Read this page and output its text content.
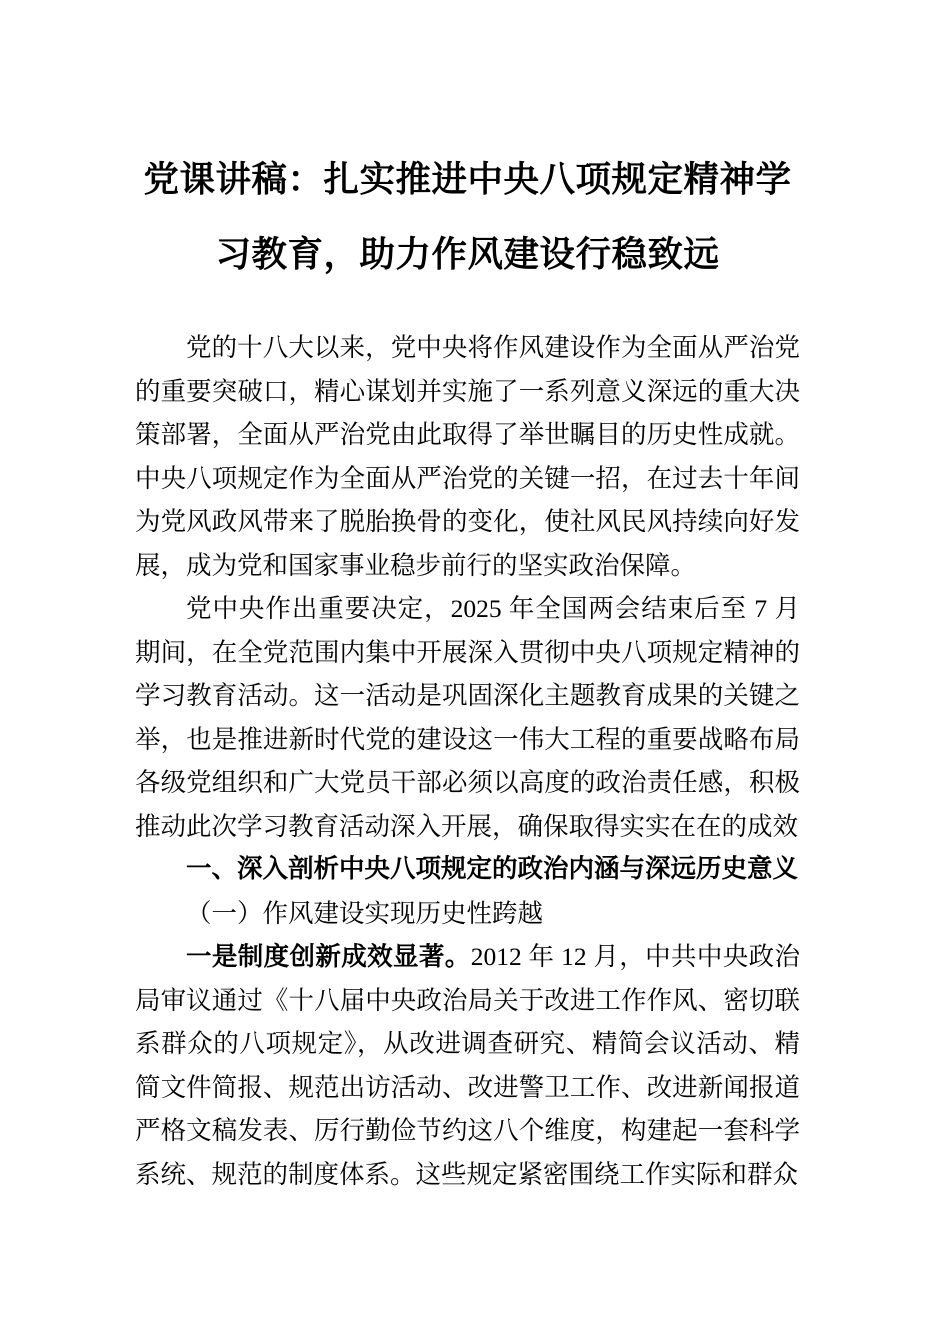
党课讲稿：扎实推进中央八项规定精神学习教育，助力作风建设行稳致远

党的十八大以来，党中央将作风建设作为全面从严治党的重要突破口，精心谋划并实施了一系列意义深远的重大决策部署，全面从严治党由此取得了举世瞩目的历史性成就。中央八项规定作为全面从严治党的关键一招，在过去十年间为党风政风带来了脱胎换骨的变化，使社风民风持续向好发展，成为党和国家事业稳步前行的坚实政治保障。

党中央作出重要决定，2025 年全国两会结束后至 7 月期间，在全党范围内集中开展深入贯彻中央八项规定精神的学习教育活动。这一活动是巩固深化主题教育成果的关键之举，也是推进新时代党的建设这一伟大工程的重要战略布局各级党组织和广大党员干部必须以高度的政治责任感，积极推动此次学习教育活动深入开展，确保取得实实在在的成效

一、深入剖析中央八项规定的政治内涵与深远历史意义

（一）作风建设实现历史性跨越

一是制度创新成效显著。2012 年 12 月，中共中央政治局审议通过《十八届中央政治局关于改进工作作风、密切联系群众的八项规定》，从改进调查研究、精简会议活动、精简文件简报、规范出访活动、改进警卫工作、改进新闻报道严格文稿发表、厉行勤俭节约这八个维度，构建起一套科学系统、规范的制度体系。这些规定紧密围绕工作实际和群众
